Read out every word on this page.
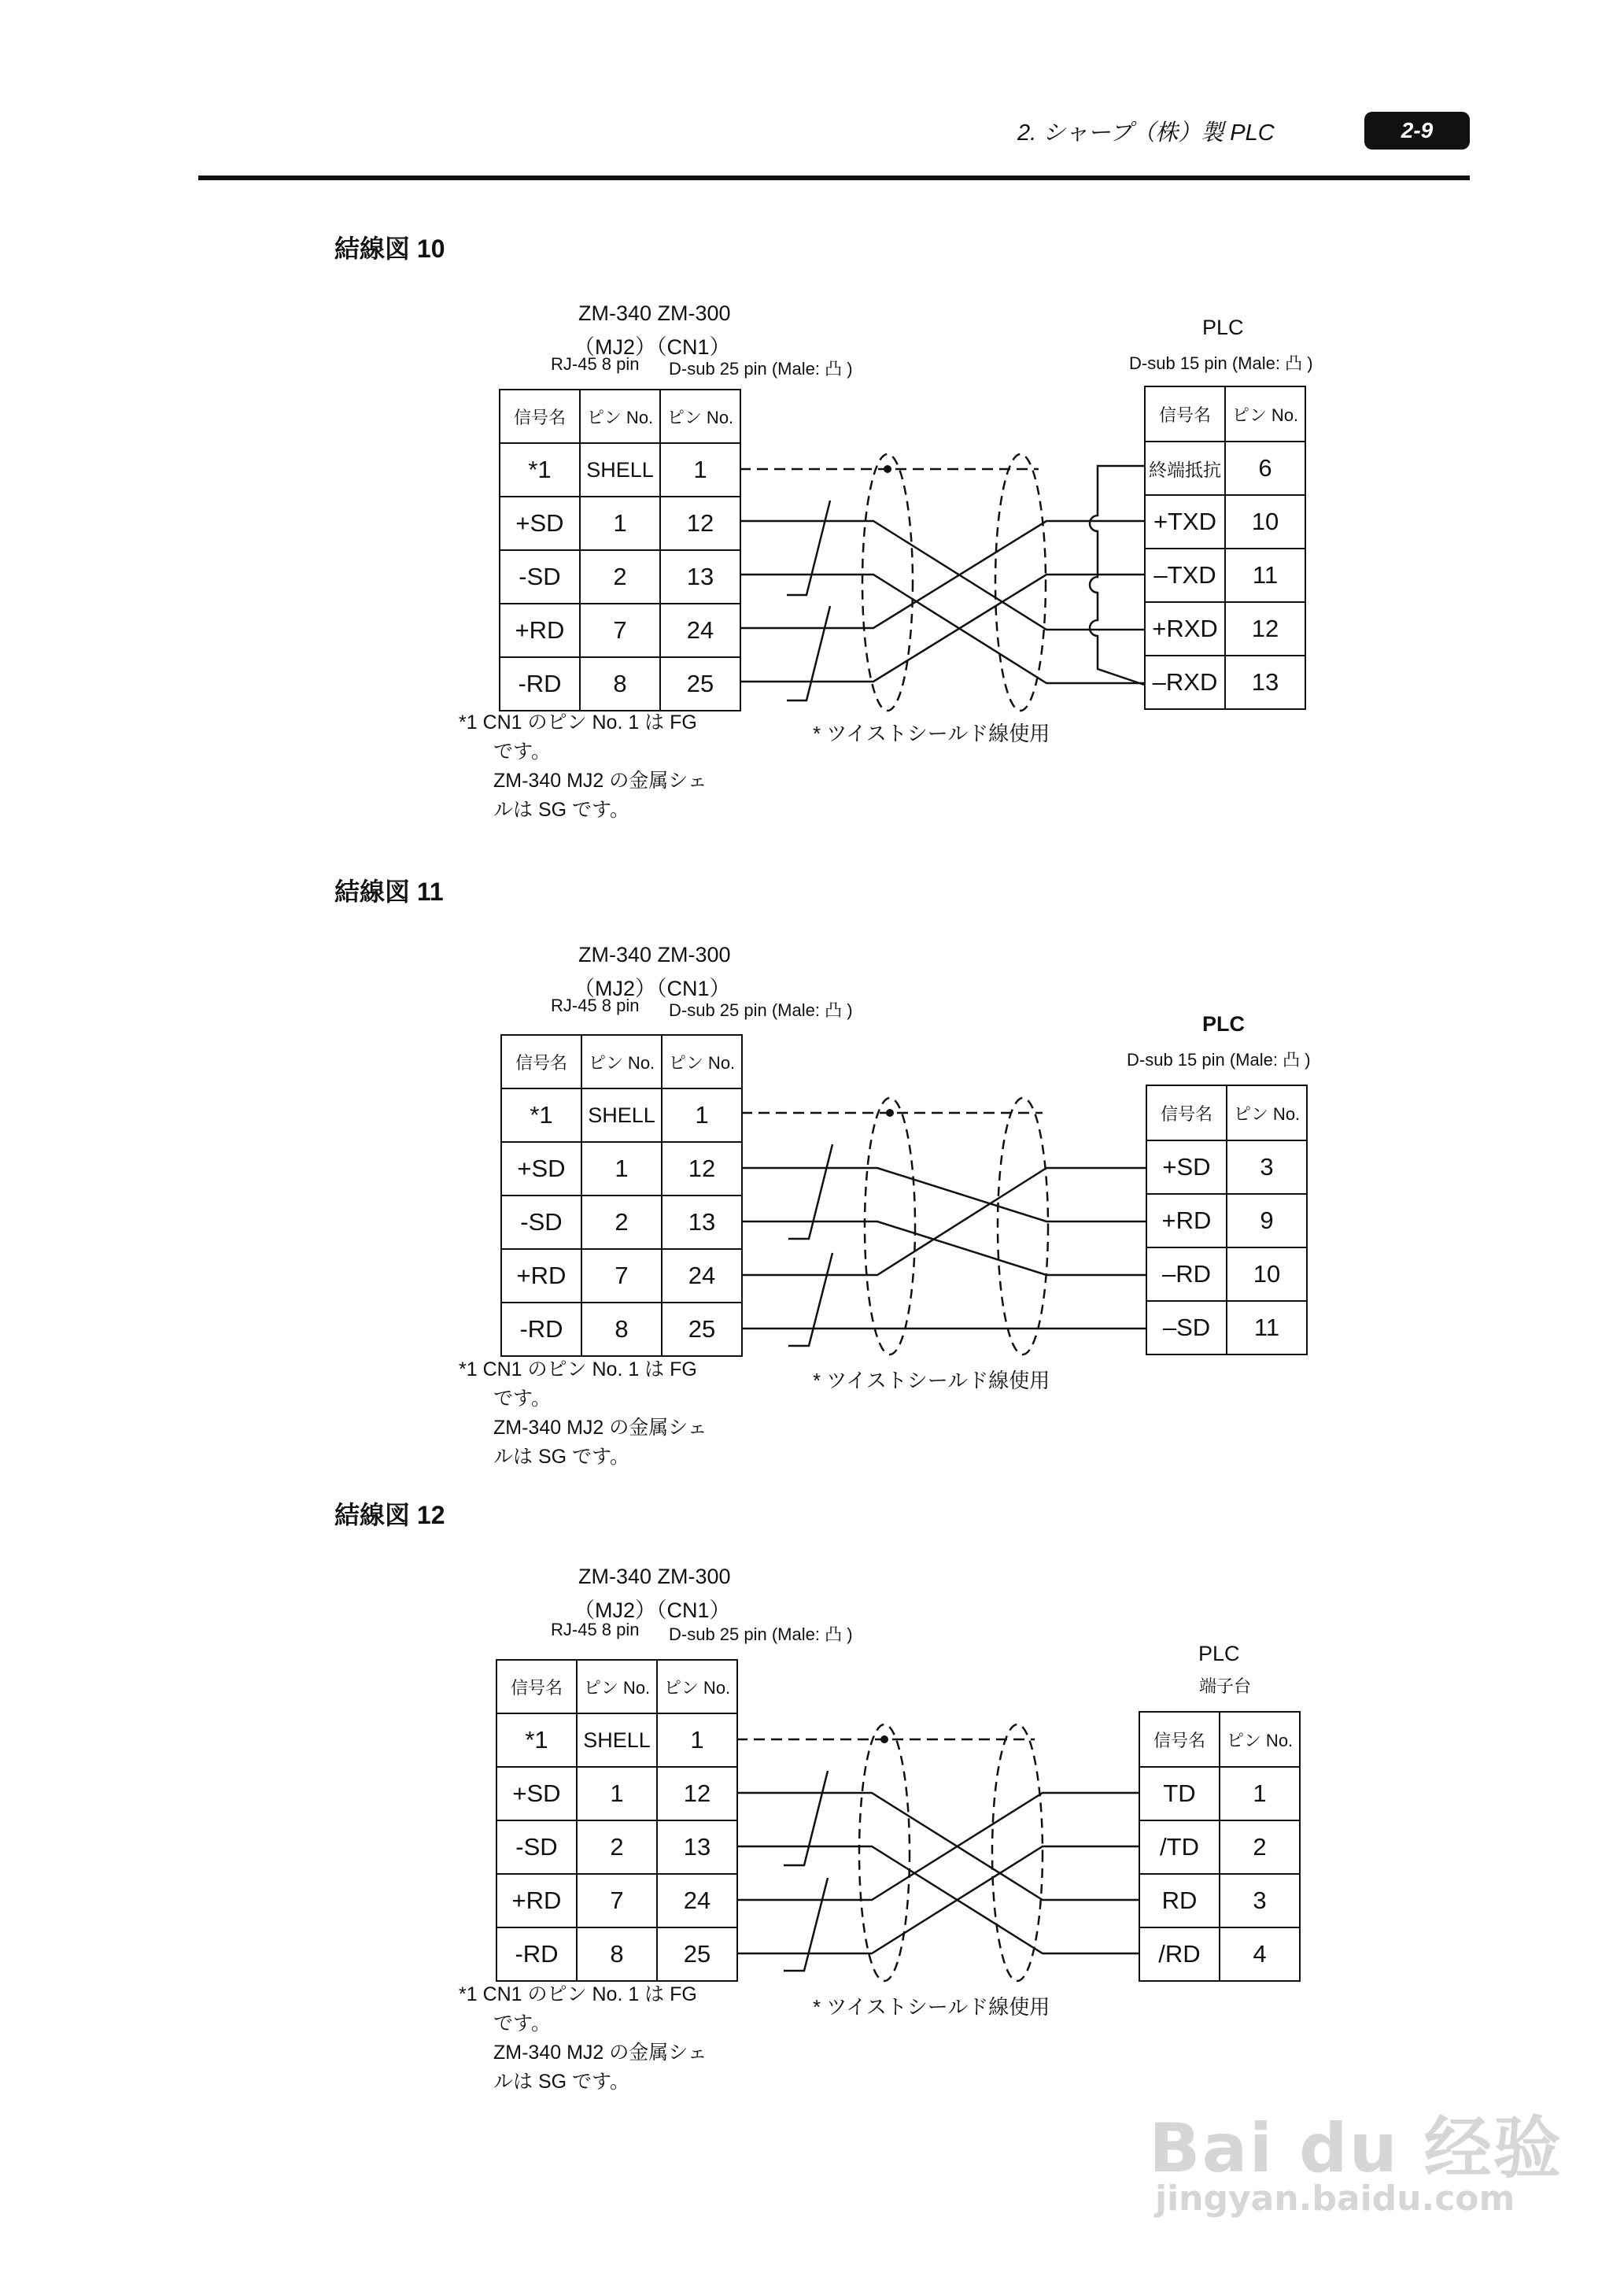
2. シャープ（株）製 PLC	2-9
結線図 10
ZM-340 ZM-300
（MJ2）（CN1）
RJ-45 8 pin D-sub 25 pin (Male: 凸 )
PLC
D-sub 15 pin (Male: 凸 )
信号名	ピン No.	ピン No.
*1	SHELL	1
+SD	1	12
-SD	2	13
+RD	7	24
-RD	8	25
信号名	ピン No.
終端抵抗	6
+TXD	10
–TXD	11
+RXD	12
–RXD	13
* ツイストシールド線使用
*1 CN1 のピン No. 1 は FG
です。
ZM-340 MJ2 の金属シェ
ルは SG です。
結線図 11
ZM-340 ZM-300
（MJ2）（CN1）
RJ-45 8 pin D-sub 25 pin (Male: 凸 )
PLC
D-sub 15 pin (Male: 凸 )
信号名	ピン No.	ピン No.
*1	SHELL	1
+SD	1	12
-SD	2	13
+RD	7	24
-RD	8	25
信号名	ピン No.
+SD	3
+RD	9
–RD	10
–SD	11
* ツイストシールド線使用
*1 CN1 のピン No. 1 は FG
です。
ZM-340 MJ2 の金属シェ
ルは SG です。
結線図 12
ZM-340 ZM-300
（MJ2）（CN1）
RJ-45 8 pin D-sub 25 pin (Male: 凸 )
PLC
端子台
信号名	ピン No.	ピン No.
*1	SHELL	1
+SD	1	12
-SD	2	13
+RD	7	24
-RD	8	25
信号名	ピン No.
TD	1
/TD	2
RD	3
/RD	4
* ツイストシールド線使用
*1 CN1 のピン No. 1 は FG
です。
ZM-340 MJ2 の金属シェ
ルは SG です。
Bai du 经验
jingyan.baidu.com
